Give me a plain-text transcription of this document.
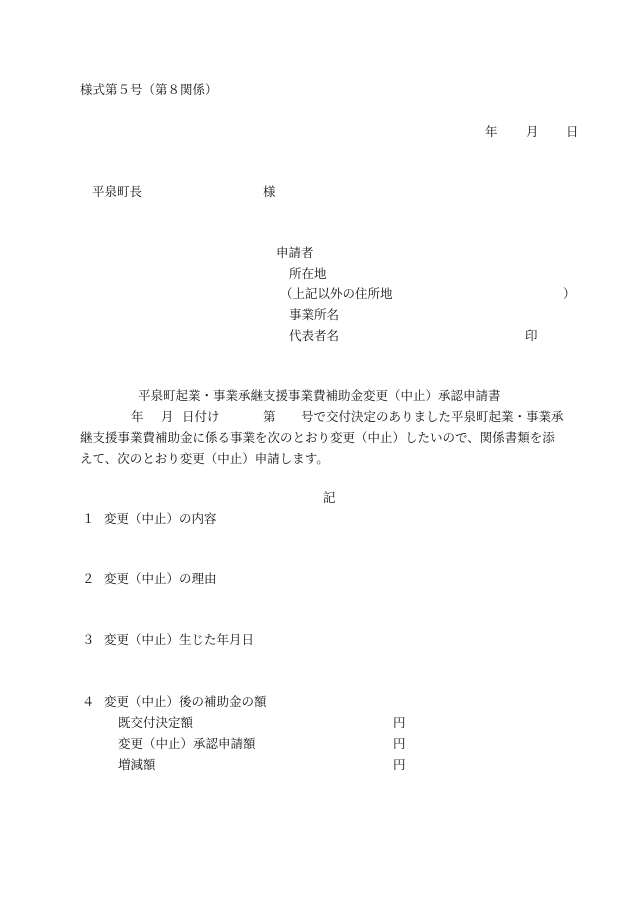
様式第５号（第８関係）
年 月 日
平泉町長	様
申請者
所在地
（上記以外の住所地	）
事業所名
代表者名	印
平泉町起業・事業承継支援事業費補助金変更（中止）承認申請書
年 月 日付け	第 号で交付決定のありました平泉町起業・事業承
継支援事業費補助金に係る事業を次のとおり変更（中止）したいので、関係書類を添
えて、次のとおり変更（中止）申請します。
記
１ 変更（中止）の内容
２ 変更（中止）の理由
３ 変更（中止）生じた年月日
４ 変更（中止）後の補助金の額
既交付決定額	円
変更（中止）承認申請額	円
増減額	円
